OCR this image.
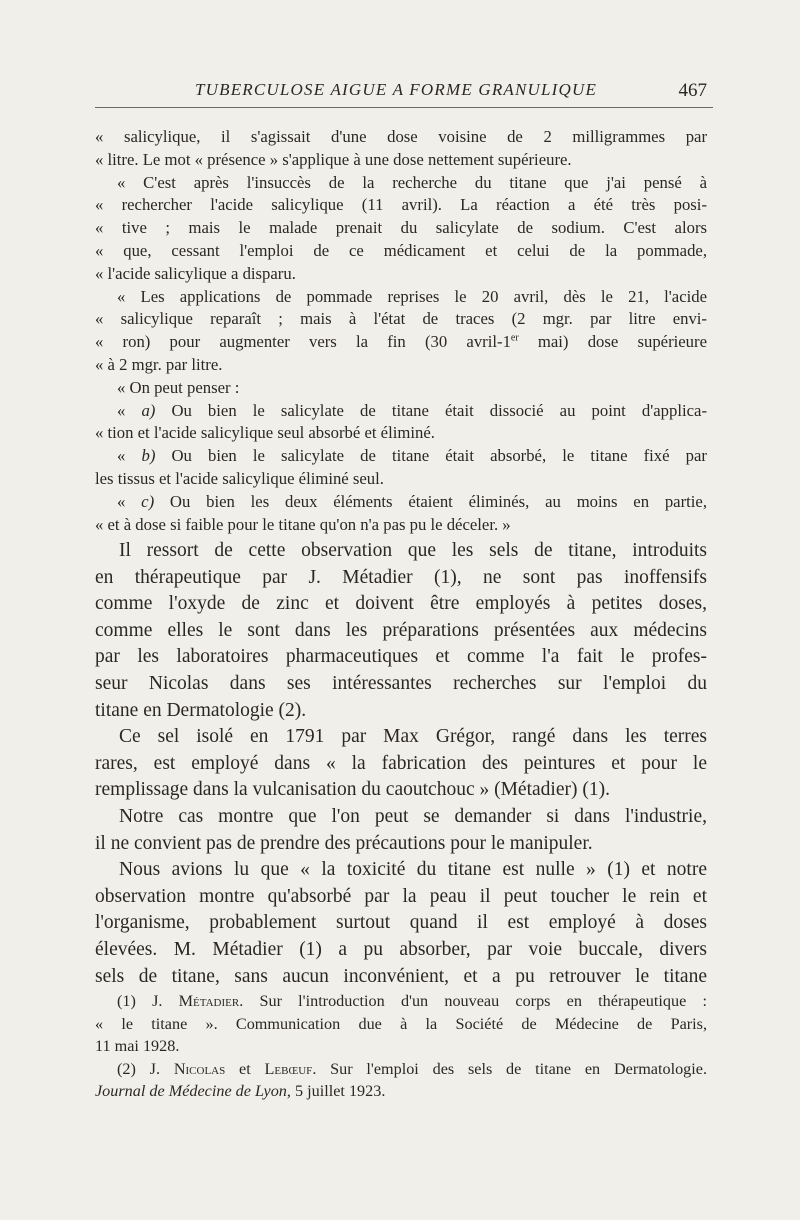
TUBERCULOSE AIGUE A FORME GRANULIQUE	467
« salicylique, il s'agissait d'une dose voisine de 2 milligrammes par
« litre. Le mot « présence » s'applique à une dose nettement supérieure.
« C'est après l'insuccès de la recherche du titane que j'ai pensé à
« rechercher l'acide salicylique (11 avril). La réaction a été très posi-
« tive ; mais le malade prenait du salicylate de sodium. C'est alors
« que, cessant l'emploi de ce médicament et celui de la pommade,
« l'acide salicylique a disparu.
« Les applications de pommade reprises le 20 avril, dès le 21, l'acide
« salicylique reparaît ; mais à l'état de traces (2 mgr. par litre envi-
« ron) pour augmenter vers la fin (30 avril-1er mai) dose supérieure
« à 2 mgr. par litre.
« On peut penser :
« a) Ou bien le salicylate de titane était dissocié au point d'applica-
« tion et l'acide salicylique seul absorbé et éliminé.
« b) Ou bien le salicylate de titane était absorbé, le titane fixé par
les tissus et l'acide salicylique éliminé seul.
« c) Ou bien les deux éléments étaient éliminés, au moins en partie,
« et à dose si faible pour le titane qu'on n'a pas pu le déceler. »
Il ressort de cette observation que les sels de titane, introduits
en thérapeutique par J. Métadier (1), ne sont pas inoffensifs
comme l'oxyde de zinc et doivent être employés à petites doses,
comme elles le sont dans les préparations présentées aux médecins
par les laboratoires pharmaceutiques et comme l'a fait le profes-
seur Nicolas dans ses intéressantes recherches sur l'emploi du
titane en Dermatologie (2).
Ce sel isolé en 1791 par Max Grégor, rangé dans les terres
rares, est employé dans « la fabrication des peintures et pour le
remplissage dans la vulcanisation du caoutchouc » (Métadier) (1).
Notre cas montre que l'on peut se demander si dans l'industrie,
il ne convient pas de prendre des précautions pour le manipuler.
Nous avions lu que « la toxicité du titane est nulle » (1) et notre
observation montre qu'absorbé par la peau il peut toucher le rein et
l'organisme, probablement surtout quand il est employé à doses
élevées. M. Métadier (1) a pu absorber, par voie buccale, divers
sels de titane, sans aucun inconvénient, et a pu retrouver le titane
(1) J. Métadier. Sur l'introduction d'un nouveau corps en thérapeutique :
« le titane ». Communication due à la Société de Médecine de Paris,
11 mai 1928.
(2) J. Nicolas et Lebœuf. Sur l'emploi des sels de titane en Dermatologie.
Journal de Médecine de Lyon, 5 juillet 1923.
